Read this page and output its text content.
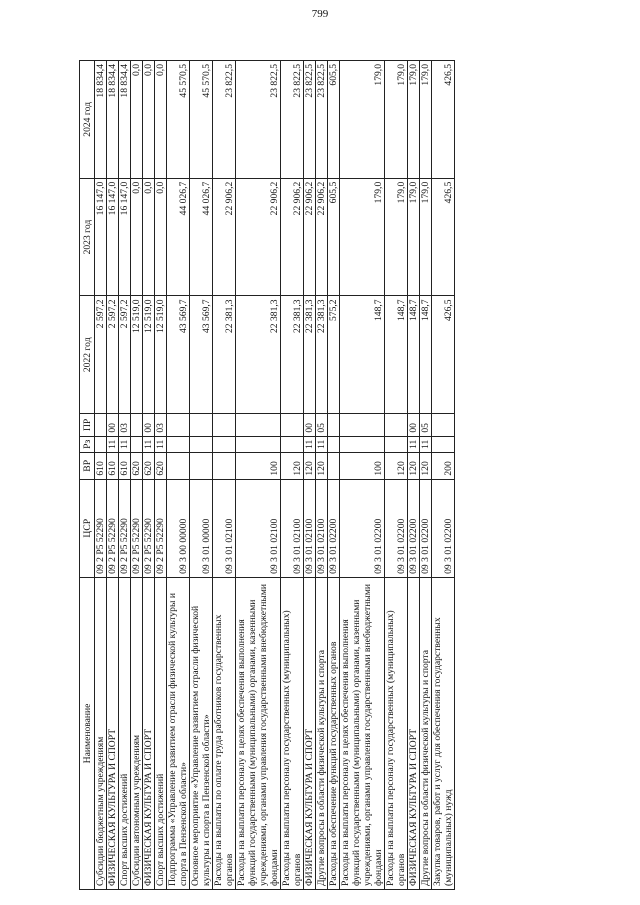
799
Наименование	ЦСР	ВР	Рз	ПР	2022 год	2023 год	2024 год
Субсидии бюджетным учреждениям	09 2 P5 52290	610			2 597,2	16 147,0	18 834,4
ФИЗИЧЕСКАЯ КУЛЬТУРА И СПОРТ	09 2 P5 52290	610	11	00	2 597,2	16 147,0	18 834,4
Спорт высших достижений	09 2 P5 52290	610	11	03	2 597,2	16 147,0	18 834,4
Субсидии автономным учреждениям	09 2 P5 52290	620			12 519,0	0,0	0,0
ФИЗИЧЕСКАЯ КУЛЬТУРА И СПОРТ	09 2 P5 52290	620	11	00	12 519,0	0,0	0,0
Спорт высших достижений	09 2 P5 52290	620	11	03	12 519,0	0,0	0,0
Подпрограмма «Управление развитием отрасли физической культуры и спорта в Пензенской области»	09 3 00 00000				43 569,7	44 026,7	45 570,5
Основное мероприятие «Управление развитием отрасли физической культуры и спорта в Пензенской области»	09 3 01 00000				43 569,7	44 026,7	45 570,5
Расходы на выплаты по оплате труда работников государственных органов	09 3 01 02100				22 381,3	22 906,2	23 822,5
Расходы на выплаты персоналу в целях обеспечения выполнения функций государственными (муниципальными) органами, казенными учреждениями, органами управления государственными внебюджетными фондами	09 3 01 02100	100			22 381,3	22 906,2	23 822,5
Расходы на выплаты персоналу государственных (муниципальных) органов	09 3 01 02100	120			22 381,3	22 906,2	23 822,5
ФИЗИЧЕСКАЯ КУЛЬТУРА И СПОРТ	09 3 01 02100	120	11	00	22 381,3	22 906,2	23 822,5
Другие вопросы в области физической культуры и спорта	09 3 01 02100	120	11	05	22 381,3	22 906,2	23 822,5
Расходы на обеспечение функций государственных органов	09 3 01 02200				575,2	605,5	605,5
Расходы на выплаты персоналу в целях обеспечения выполнения функций государственными (муниципальными) органами, казенными учреждениями, органами управления государственными внебюджетными фондами	09 3 01 02200	100			148,7	179,0	179,0
Расходы на выплаты персоналу государственных (муниципальных) органов	09 3 01 02200	120			148,7	179,0	179,0
ФИЗИЧЕСКАЯ КУЛЬТУРА И СПОРТ	09 3 01 02200	120	11	00	148,7	179,0	179,0
Другие вопросы в области физической культуры и спорта	09 3 01 02200	120	11	05	148,7	179,0	179,0
Закупка товаров, работ и услуг для обеспечения государственных (муниципальных) нужд	09 3 01 02200	200			426,5	426,5	426,5
